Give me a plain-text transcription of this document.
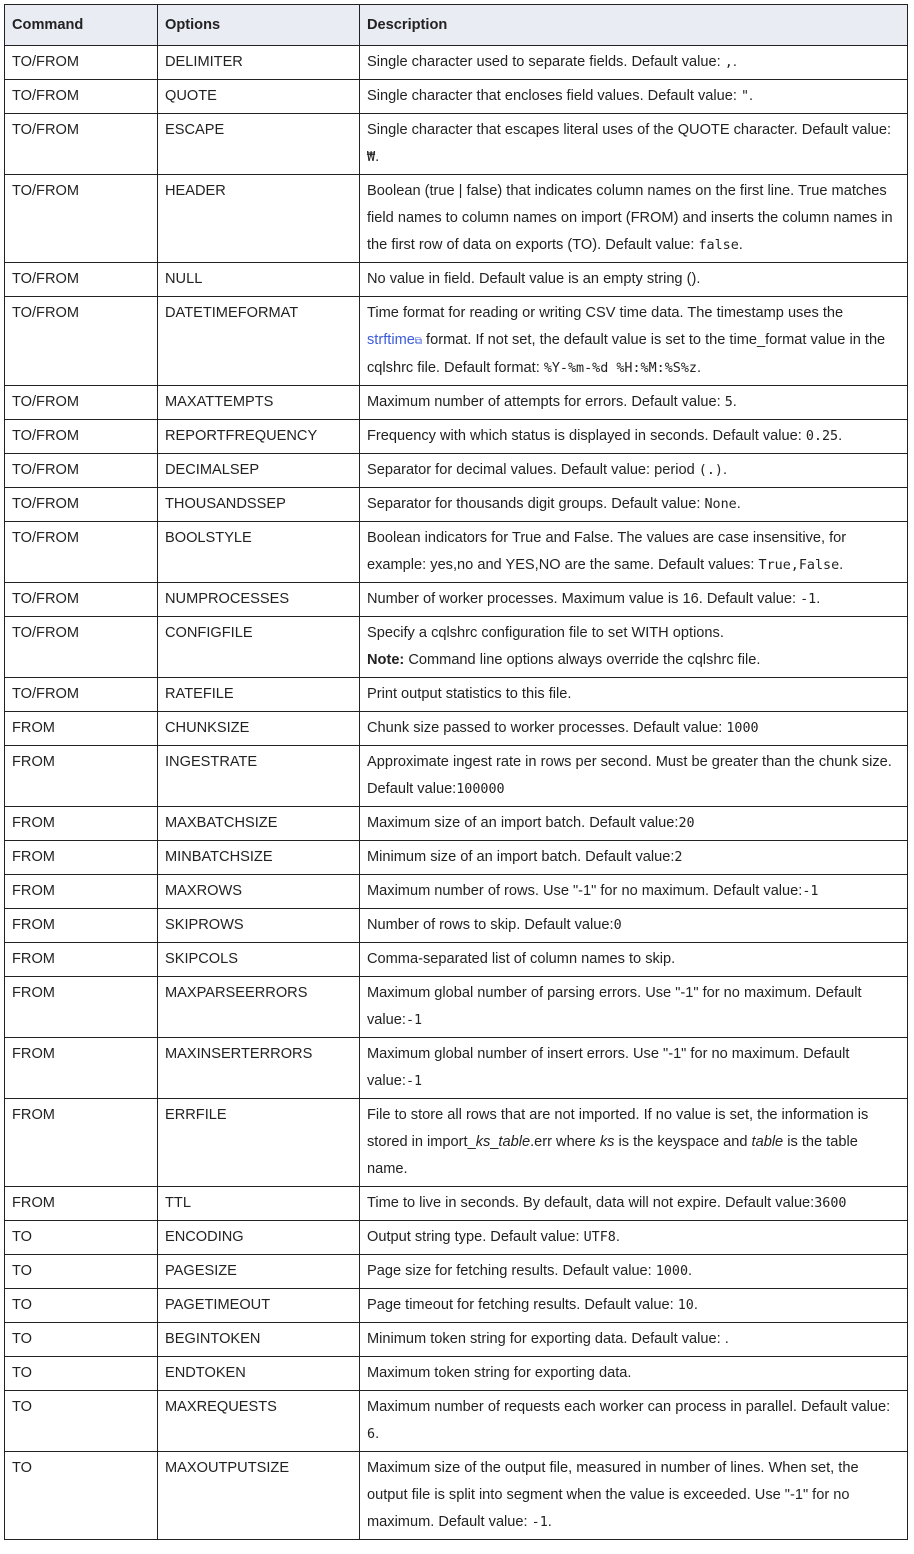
Command	Options	Description
TO/FROM	DELIMITER	Single character used to separate fields. Default value: ,.
TO/FROM	QUOTE	Single character that encloses field values. Default value: ".
TO/FROM	ESCAPE	Single character that escapes literal uses of the QUOTE character. Default value: ₩.
TO/FROM	HEADER	Boolean (true | false) that indicates column names on the first line. True matches field names to column names on import (FROM) and inserts the column names in the first row of data on exports (TO). Default value: false.
TO/FROM	NULL	No value in field. Default value is an empty string ().
TO/FROM	DATETIMEFORMAT	Time format for reading or writing CSV time data. The timestamp uses the strftime⧉ format. If not set, the default value is set to the time_format value in the cqlshrc file. Default format: %Y-%m-%d %H:%M:%S%z.
TO/FROM	MAXATTEMPTS	Maximum number of attempts for errors. Default value: 5.
TO/FROM	REPORTFREQUENCY	Frequency with which status is displayed in seconds. Default value: 0.25.
TO/FROM	DECIMALSEP	Separator for decimal values. Default value: period (.).
TO/FROM	THOUSANDSSEP	Separator for thousands digit groups. Default value: None.
TO/FROM	BOOLSTYLE	Boolean indicators for True and False. The values are case insensitive, for example: yes,no and YES,NO are the same. Default values: True,False.
TO/FROM	NUMPROCESSES	Number of worker processes. Maximum value is 16. Default value: -1.
TO/FROM	CONFIGFILE	Specify a cqlshrc configuration file to set WITH options.
Note: Command line options always override the cqlshrc file.
TO/FROM	RATEFILE	Print output statistics to this file.
FROM	CHUNKSIZE	Chunk size passed to worker processes. Default value: 1000
FROM	INGESTRATE	Approximate ingest rate in rows per second. Must be greater than the chunk size. Default value:100000
FROM	MAXBATCHSIZE	Maximum size of an import batch. Default value:20
FROM	MINBATCHSIZE	Minimum size of an import batch. Default value:2
FROM	MAXROWS	Maximum number of rows. Use "-1" for no maximum. Default value:-1
FROM	SKIPROWS	Number of rows to skip. Default value:0
FROM	SKIPCOLS	Comma-separated list of column names to skip.
FROM	MAXPARSEERRORS	Maximum global number of parsing errors. Use "-1" for no maximum. Default value:-1
FROM	MAXINSERTERRORS	Maximum global number of insert errors. Use "-1" for no maximum. Default value:-1
FROM	ERRFILE	File to store all rows that are not imported. If no value is set, the information is stored in import_ks_table.err where ks is the keyspace and table is the table name.
FROM	TTL	Time to live in seconds. By default, data will not expire. Default value:3600
TO	ENCODING	Output string type. Default value: UTF8.
TO	PAGESIZE	Page size for fetching results. Default value: 1000.
TO	PAGETIMEOUT	Page timeout for fetching results. Default value: 10.
TO	BEGINTOKEN	Minimum token string for exporting data. Default value: .
TO	ENDTOKEN	Maximum token string for exporting data.
TO	MAXREQUESTS	Maximum number of requests each worker can process in parallel. Default value: 6.
TO	MAXOUTPUTSIZE	Maximum size of the output file, measured in number of lines. When set, the output file is split into segment when the value is exceeded. Use "-1" for no maximum. Default value: -1.
